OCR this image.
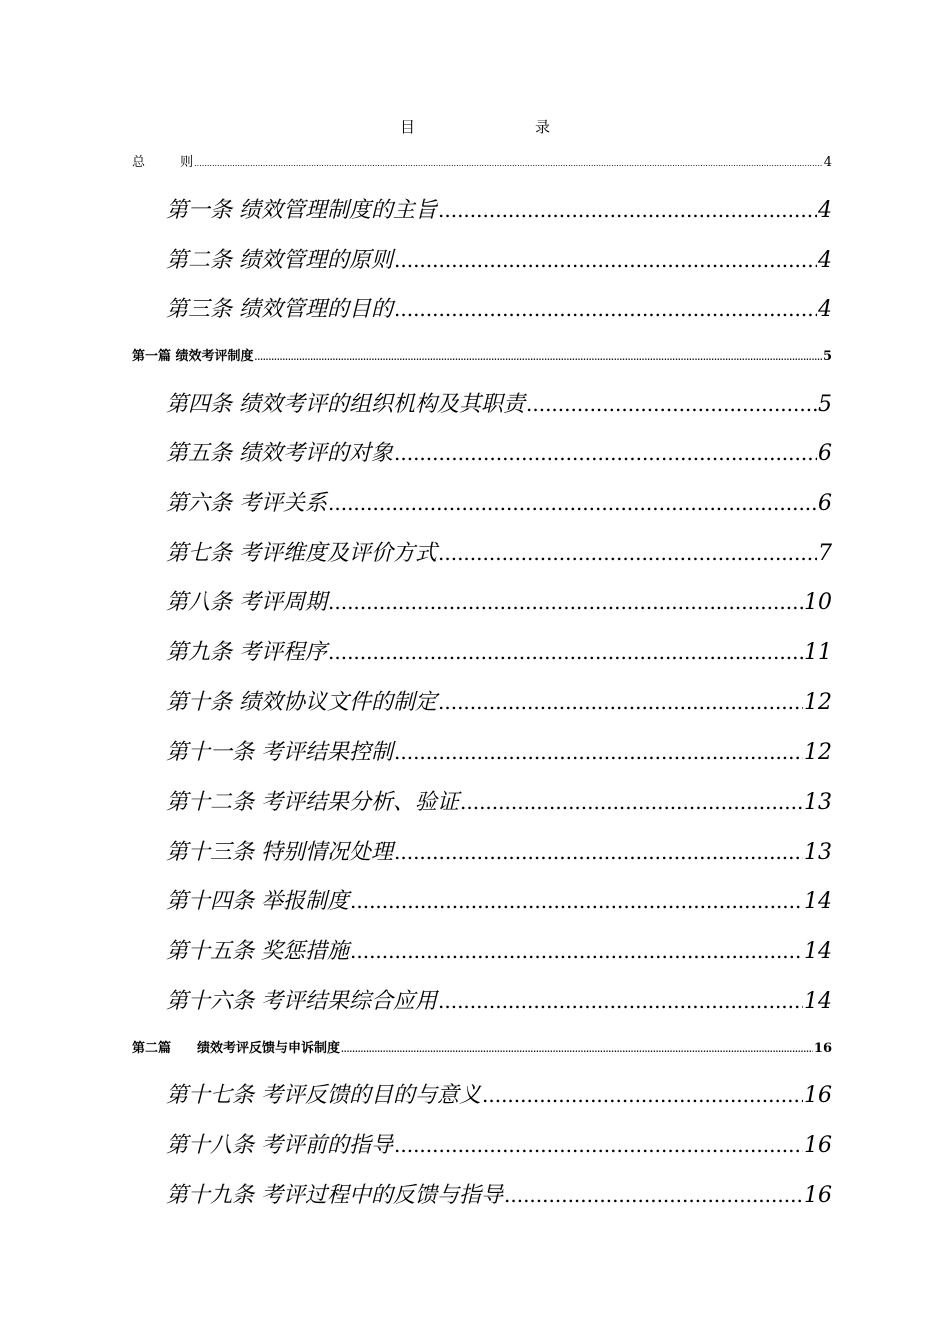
目　　录
总　 则 .....	4
第一条 绩效管理制度的主旨 .....	4
第二条 绩效管理的原则 .....	4
第三条 绩效管理的目的 .....	4
第一篇 绩效考评制度 .....	5
第四条 绩效考评的组织机构及其职责 .....	5
第五条 绩效考评的对象 .....	6
第六条 考评关系 .....	6
第七条 考评维度及评价方式 .....	7
第八条 考评周期 .....	10
第九条 考评程序 .....	11
第十条 绩效协议文件的制定 .....	12
第十一条 考评结果控制 .....	12
第十二条 考评结果分析、验证 .....	13
第十三条 特别情况处理 .....	13
第十四条 举报制度 .....	14
第十五条 奖惩措施 .....	14
第十六条 考评结果综合应用 .....	14
第二篇　　绩效考评反馈与申诉制度 .....	16
第十七条 考评反馈的目的与意义 .....	16
第十八条 考评前的指导 .....	16
第十九条 考评过程中的反馈与指导 .....	16
